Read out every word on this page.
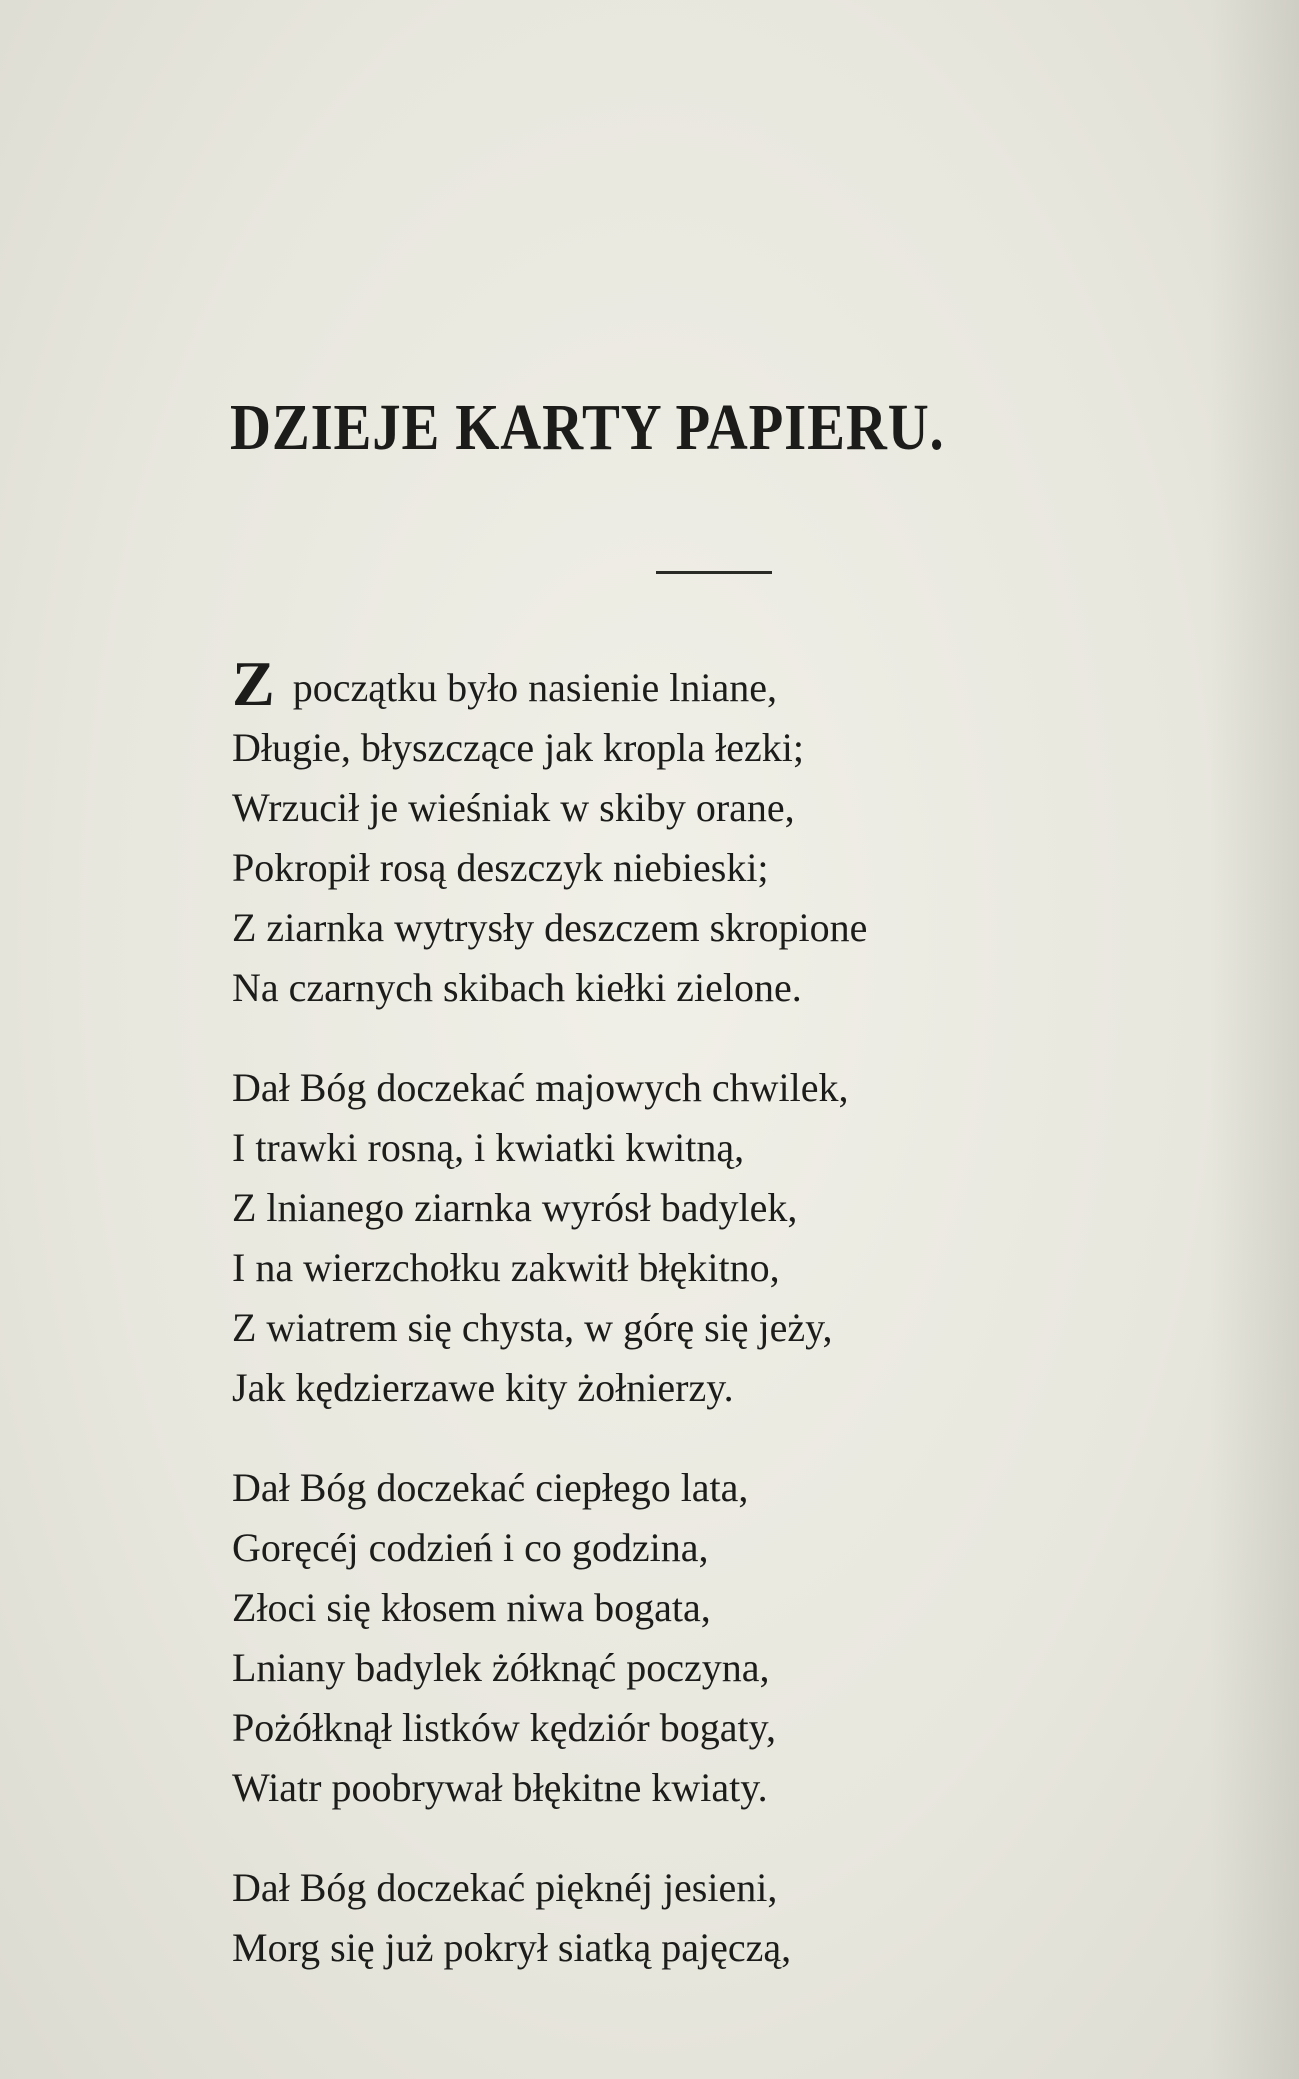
DZIEJE KARTY PAPIERU.
Zpoczątku było nasienie lniane,
Długie, błyszczące jak kropla łezki;
Wrzucił je wieśniak w skiby orane,
Pokropił rosą deszczyk niebieski;
Z ziarnka wytrysły deszczem skropione
Na czarnych skibach kiełki zielone.
Dał Bóg doczekać majowych chwilek,
I trawki rosną, i kwiatki kwitną,
Z lnianego ziarnka wyrósł badylek,
I na wierzchołku zakwitł błękitno,
Z wiatrem się chysta, w górę się jeży,
Jak kędzierzawe kity żołnierzy.
Dał Bóg doczekać ciepłego lata,
Goręcéj codzień i co godzina,
Złoci się kłosem niwa bogata,
Lniany badylek żółknąć poczyna,
Pożółknął listków kędziór bogaty,
Wiatr poobrywał błękitne kwiaty.
Dał Bóg doczekać pięknéj jesieni,
Morg się już pokrył siatką pajęczą,
